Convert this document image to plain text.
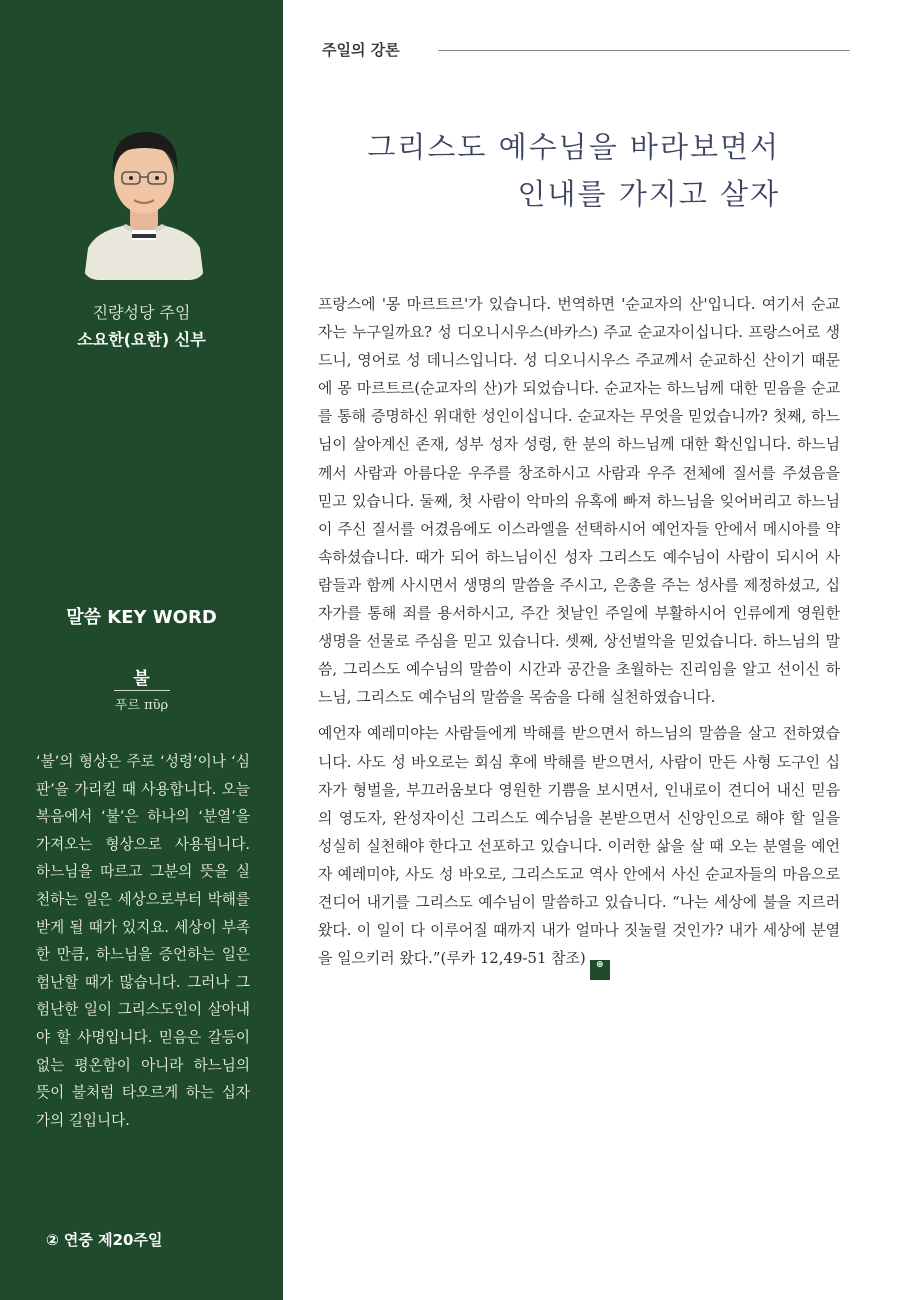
진량성당 주임
소요한(요한) 신부
말씀 KEY WORD
불
푸르 πῦρ

‘불’의 형상은 주로 ‘성령’이나 ‘심판’을 가리킬 때 사용합니다. 오늘 복음에서 ‘불’은 하나의 ‘분열’을 가져오는 형상으로 사용됩니다. 하느님을 따르고 그분의 뜻을 실천하는 일은 세상으로부터 박해를 받게 될 때가 있지요. 세상이 부족한 만큼, 하느님을 증언하는 일은 험난할 때가 많습니다. 그러나 그 험난한 일이 그리스도인이 살아내야 할 사명입니다. 믿음은 갈등이 없는 평온함이 아니라 하느님의 뜻이 불처럼 타오르게 하는 십자가의 길입니다.

② 연중 제20주일
주일의 강론
그리스도 예수님을 바라보면서
인내를 가지고 살자

프랑스에 '몽 마르트르'가 있습니다. 번역하면 '순교자의 산'입니다. 여기서 순교자는 누구일까요? 성 디오니시우스(바카스) 주교 순교자이십니다. 프랑스어로 생 드니, 영어로 성 데니스입니다. 성 디오니시우스 주교께서 순교하신 산이기 때문에 몽 마르트르(순교자의 산)가 되었습니다. 순교자는 하느님께 대한 믿음을 순교를 통해 증명하신 위대한 성인이십니다. 순교자는 무엇을 믿었습니까? 첫째, 하느님이 살아계신 존재, 성부 성자 성령, 한 분의 하느님께 대한 확신입니다. 하느님께서 사람과 아름다운 우주를 창조하시고 사람과 우주 전체에 질서를 주셨음을 믿고 있습니다. 둘째, 첫 사람이 악마의 유혹에 빠져 하느님을 잊어버리고 하느님이 주신 질서를 어겼음에도 이스라엘을 선택하시어 예언자들 안에서 메시아를 약속하셨습니다. 때가 되어 하느님이신 성자 그리스도 예수님이 사람이 되시어 사람들과 함께 사시면서 생명의 말씀을 주시고, 은총을 주는 성사를 제정하셨고, 십자가를 통해 죄를 용서하시고, 주간 첫날인 주일에 부활하시어 인류에게 영원한 생명을 선물로 주심을 믿고 있습니다. 셋째, 상선벌악을 믿었습니다. 하느님의 말씀, 그리스도 예수님의 말씀이 시간과 공간을 초월하는 진리임을 알고 선이신 하느님, 그리스도 예수님의 말씀을 목숨을 다해 실천하였습니다.

예언자 예레미야는 사람들에게 박해를 받으면서 하느님의 말씀을 살고 전하였습니다. 사도 성 바오로는 회심 후에 박해를 받으면서, 사람이 만든 사형 도구인 십자가 형벌을, 부끄러움보다 영원한 기쁨을 보시면서, 인내로이 견디어 내신 믿음의 영도자, 완성자이신 그리스도 예수님을 본받으면서 신앙인으로 해야 할 일을 성실히 실천해야 한다고 선포하고 있습니다. 이러한 삶을 살 때 오는 분열을 예언자 예레미야, 사도 성 바오로, 그리스도교 역사 안에서 사신 순교자들의 마음으로 견디어 내기를 그리스도 예수님이 말씀하고 있습니다. “나는 세상에 불을 지르러 왔다. 이 일이 다 이루어질 때까지 내가 얼마나 짓눌릴 것인가? 내가 세상에 분열을 일으키러 왔다.”(루카 12,49-51 참조) ⊕
